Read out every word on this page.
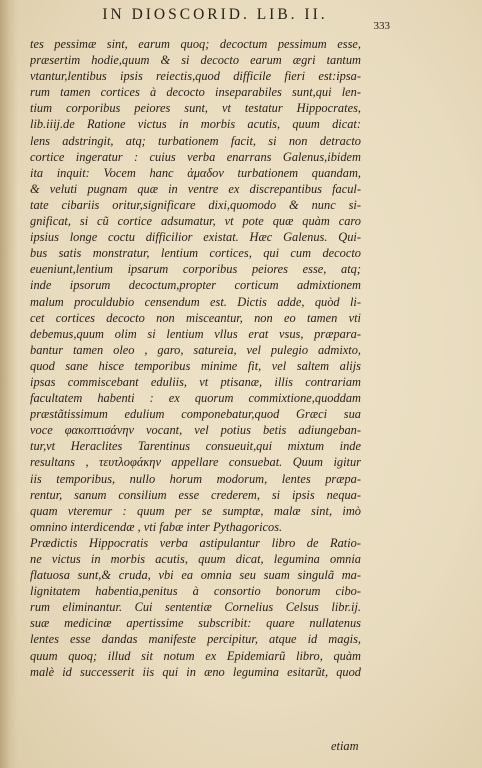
IN DIOSCORID. LIB. II.
333
tes pessimæ sint, earum quoq; decoctum pessimum esse,
præsertim hodie,quum & si decocto earum ægri tantum
vtantur,lentibus ipsis reiectis,quod difficile fieri est:ipsa-
rum tamen cortices à decocto inseparabiles sunt,qui len-
tium corporibus peiores sunt, vt testatur Hippocrates,
lib.iiij.de Ratione victus in morbis acutis, quum dicat:
lens adstringit, atq; turbationem facit, si non detracto
cortice ingeratur : cuius verba enarrans Galenus,ibidem
ita inquit: Vocem hanc ἀμαδον turbationem quandam,
& veluti pugnam quæ in ventre ex discrepantibus facul-
tate cibariis oritur,significare dixi,quomodo & nunc si-
gnificat, si cũ cortice adsumatur, vt pote quæ quàm caro
ipsius longe coctu difficilior existat. Hæc Galenus. Qui-
bus satis monstratur, lentium cortices, qui cum decocto
eueniunt,lentium ipsarum corporibus peiores esse, atq;
inde ipsorum decoctum,propter corticum admixtionem
malum proculdubio censendum est. Dictis adde, quòd li-
cet cortices decocto non misceantur, non eo tamen vti
debemus,quum olim si lentium vllus erat vsus, præpara-
bantur tamen oleo , garo, satureia, vel pulegio admixto,
quod sane hisce temporibus minime fit, vel saltem alijs
ipsas commiscebant eduliis, vt ptisanæ, illis contrariam
facultatem habenti : ex quorum commixtione,quoddam
præstãtissimum edulium componebatur,quod Græci sua
voce φακοπτισάνην vocant, vel potius betis adiungeban-
tur,vt Heraclites Tarentinus consueuit,qui mixtum inde
resultans , τευτλοφάκην appellare consuebat. Quum igitur
iis temporibus, nullo horum modorum, lentes præpa-
rentur, sanum consilium esse crederem, si ipsis nequa-
quam vteremur : quum per se sumptæ, malæ sint, imò
omnino interdicendæ , vti fabæ inter Pythagoricos.
Prædictis Hippocratis verba astipulantur libro de Ratio-
ne victus in morbis acutis, quum dicat, legumina omnia
flatuosa sunt,& cruda, vbi ea omnia seu suam singulã ma-
lignitatem habentia,penitus à consortio bonorum cibo-
rum eliminantur. Cui sententiæ Cornelius Celsus libr.ij.
suæ medicinæ apertissime subscribit: quare nullatenus
lentes esse dandas manifeste percipitur, atque id magis,
quum quoq; illud sit notum ex Epidemiarũ libro, quàm
malè id successerit iis qui in æno legumina esitarũt, quod
etiam
